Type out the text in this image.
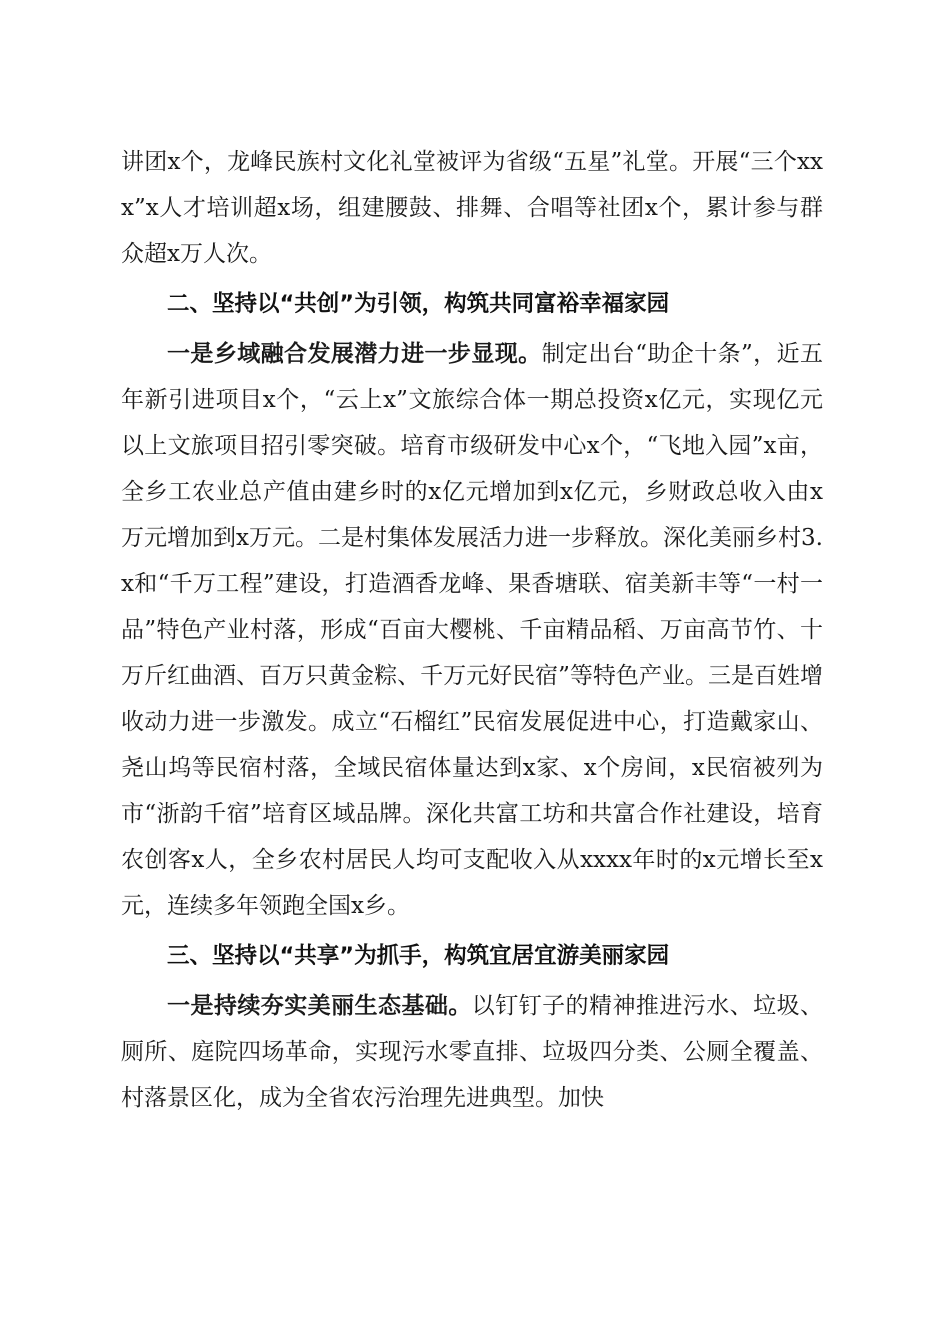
讲团x个，龙峰民族村文化礼堂被评为省级“五星”礼堂。开展“三个xxx”x人才培训超x场，组建腰鼓、排舞、合唱等社团x个，累计参与群众超x万人次。

二、坚持以“共创”为引领，构筑共同富裕幸福家园

一是乡域融合发展潜力进一步显现。制定出台“助企十条”，近五年新引进项目x个，“云上x”文旅综合体一期总投资x亿元，实现亿元以上文旅项目招引零突破。培育市级研发中心x个，“飞地入园”x亩，全乡工农业总产值由建乡时的x亿元增加到x亿元，乡财政总收入由x万元增加到x万元。二是村集体发展活力进一步释放。深化美丽乡村3.x和“千万工程”建设，打造酒香龙峰、果香塘联、宿美新丰等“一村一品”特色产业村落，形成“百亩大樱桃、千亩精品稻、万亩高节竹、十万斤红曲酒、百万只黄金粽、千万元好民宿”等特色产业。三是百姓增收动力进一步激发。成立“石榴红”民宿发展促进中心，打造戴家山、尧山坞等民宿村落，全域民宿体量达到x家、x个房间，x民宿被列为市“浙韵千宿”培育区域品牌。深化共富工坊和共富合作社建设，培育农创客x人，全乡农村居民人均可支配收入从xxxx年时的x元增长至x元，连续多年领跑全国x乡。

三、坚持以“共享”为抓手，构筑宜居宜游美丽家园

一是持续夯实美丽生态基础。以钉钉子的精神推进污水、垃圾、厕所、庭院四场革命，实现污水零直排、垃圾四分类、公厕全覆盖、村落景区化，成为全省农污治理先进典型。加快
